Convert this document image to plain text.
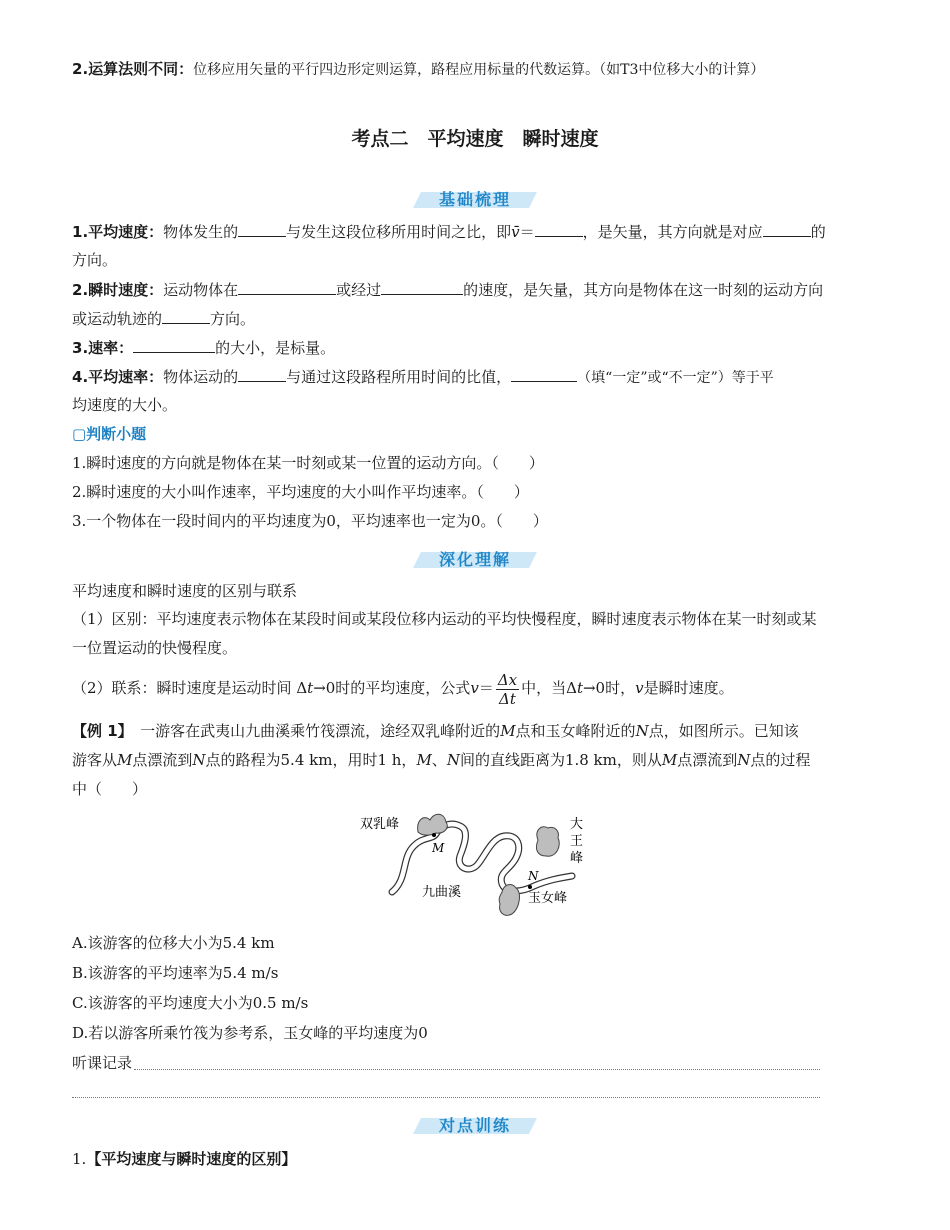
2.运算法则不同：位移应用矢量的平行四边形定则运算，路程应用标量的代数运算。（如T3中位移大小的计算）
考点二　平均速度　瞬时速度
基础梳理
1.平均速度：物体发生的	与发生这段位移所用时间之比，即v̄＝	，是矢量，其方向就是对应	的
方向。
2.瞬时速度：运动物体在	或经过	的速度，是矢量，其方向是物体在这一时刻的运动方向
或运动轨迹的	方向。
3.速率：	的大小，是标量。
4.平均速率：物体运动的	与通过这段路程所用时间的比值，	（填“一定”或“不一定”）等于平
均速度的大小。
▢判断小题
1.瞬时速度的方向就是物体在某一时刻或某一位置的运动方向。（　　）
2.瞬时速度的大小叫作速率，平均速度的大小叫作平均速率。（　　）
3.一个物体在一段时间内的平均速度为0，平均速率也一定为0。（　　）
深化理解
平均速度和瞬时速度的区别与联系
（1）区别：平均速度表示物体在某段时间或某段位移内运动的平均快慢程度，瞬时速度表示物体在某一时刻或某
一位置运动的快慢程度。
（2）联系：瞬时速度是运动时间 Δt→0时的平均速度，公式$v= \frac{\Delta x}{\Delta t}$ 中，当Δt→0时，v是瞬时速度。
【例 1】　一游客在武夷山九曲溪乘竹筏漂流，途经双乳峰附近的M点和玉女峰附近的N点，如图所示。已知该
游客从M点漂流到N点的路程为5.4 km，用时1 h，M、N间的直线距离为1.8 km，则从M点漂流到N点的过程
中（　　）
双乳峰
M
大
王
峰
九曲溪
N
玉女峰
A.该游客的位移大小为5.4 km
B.该游客的平均速率为5.4 m/s
C.该游客的平均速度大小为0.5 m/s
D.若以游客所乘竹筏为参考系，玉女峰的平均速度为0
听课记录
对点训练
1.【平均速度与瞬时速度的区别】
